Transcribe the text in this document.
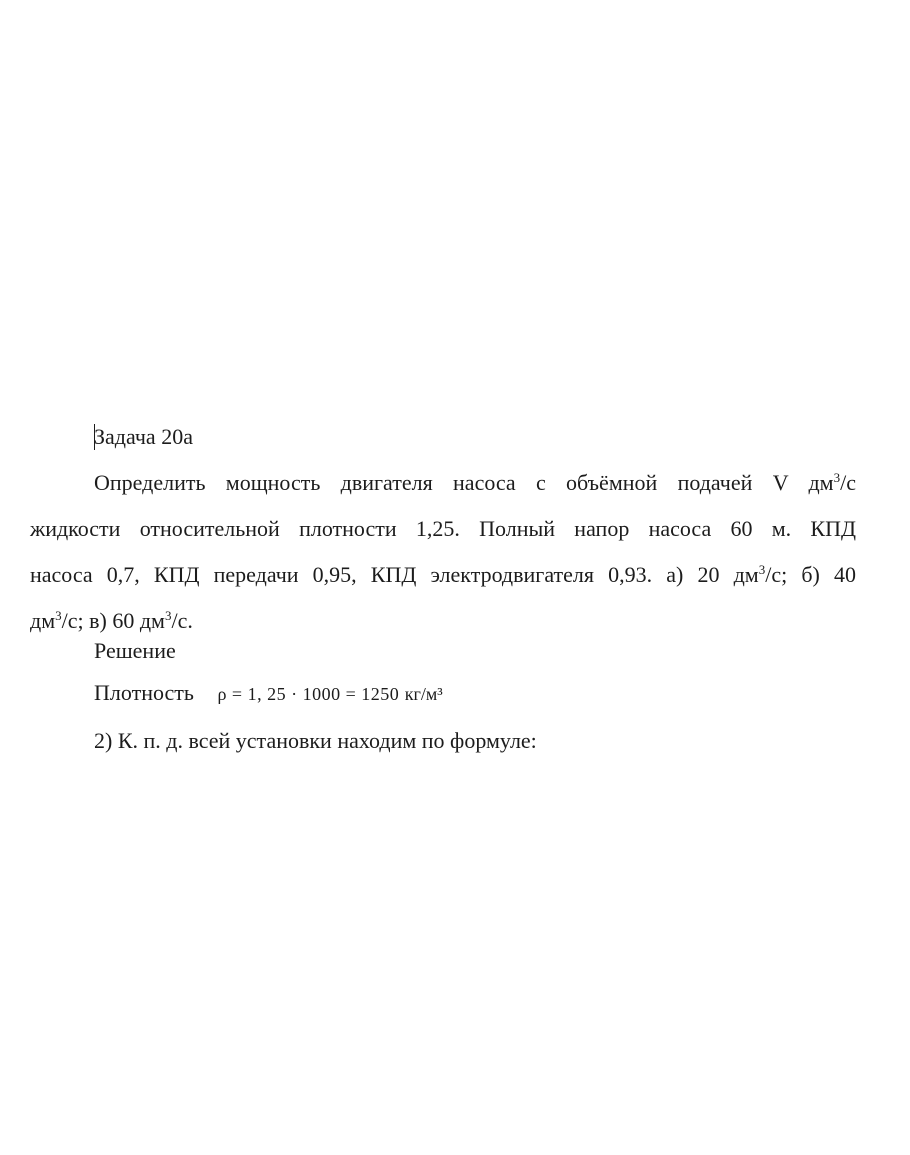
Задача 20а
Определить мощность двигателя насоса с объёмной подачей V $дм^3/с$
жидкости относительной плотности 1,25. Полный напор насоса 60 м. КПД
насоса 0,7, КПД передачи 0,95, КПД электродвигателя 0,93. а) 20 $дм^3/с$; б) 40
$дм^3/с$; в) 60 $дм^3/с$.
Решение
Плотность ρ = 1, 25 · 1000 = 1250 кг/м³
2) К. п. д. всей установки находим по формуле:
